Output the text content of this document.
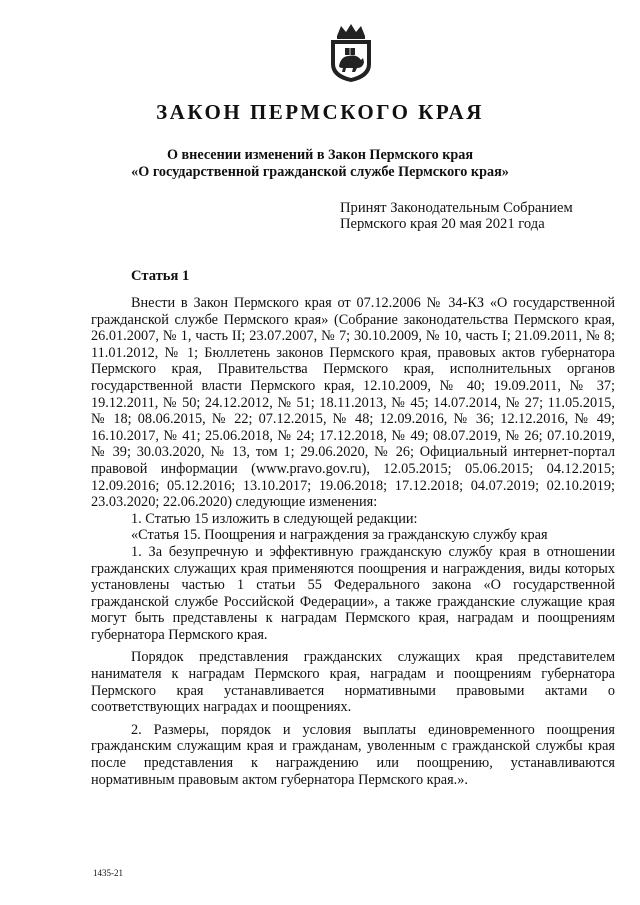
ЗАКОН ПЕРМСКОГО КРАЯ
О внесении изменений в Закон Пермского края
«О государственной гражданской службе Пермского края»
Принят Законодательным Собранием
Пермского края 20 мая 2021 года
Статья 1

Внести в Закон Пермского края от 07.12.2006 № 34-КЗ «О государственной гражданской службе Пермского края» (Собрание законодательства Пермского края, 26.01.2007, № 1, часть II; 23.07.2007, № 7; 30.10.2009, № 10, часть I; 21.09.2011, № 8; 11.01.2012, № 1; Бюллетень законов Пермского края, правовых актов губернатора Пермского края, Правительства Пермского края, исполнительных органов государственной власти Пермского края, 12.10.2009, № 40; 19.09.2011, № 37; 19.12.2011, № 50; 24.12.2012, № 51; 18.11.2013, № 45; 14.07.2014, № 27; 11.05.2015, № 18; 08.06.2015, № 22; 07.12.2015, № 48; 12.09.2016, № 36; 12.12.2016, № 49; 16.10.2017, № 41; 25.06.2018, № 24; 17.12.2018, № 49; 08.07.2019, № 26; 07.10.2019, № 39; 30.03.2020, № 13, том 1; 29.06.2020, № 26; Официальный интернет-портал правовой информации (www.pravo.gov.ru), 12.05.2015; 05.06.2015; 04.12.2015; 12.09.2016; 05.12.2016; 13.10.2017; 19.06.2018; 17.12.2018; 04.07.2019; 02.10.2019; 23.03.2020; 22.06.2020) следующие изменения:

1. Статью 15 изложить в следующей редакции:

«Статья 15. Поощрения и награждения за гражданскую службу края

1. За безупречную и эффективную гражданскую службу края в отношении гражданских служащих края применяются поощрения и награждения, виды которых установлены частью 1 статьи 55 Федерального закона «О государственной гражданской службе Российской Федерации», а также гражданские служащие края могут быть представлены к наградам Пермского края, наградам и поощрениям губернатора Пермского края.

Порядок представления гражданских служащих края представителем нанимателя к наградам Пермского края, наградам и поощрениям губернатора Пермского края устанавливается нормативными правовыми актами о соответствующих наградах и поощрениях.

2. Размеры, порядок и условия выплаты единовременного поощрения гражданским служащим края и гражданам, уволенным с гражданской службы края после представления к награждению или поощрению, устанавливаются нормативным правовым актом губернатора Пермского края.».

1435-21
